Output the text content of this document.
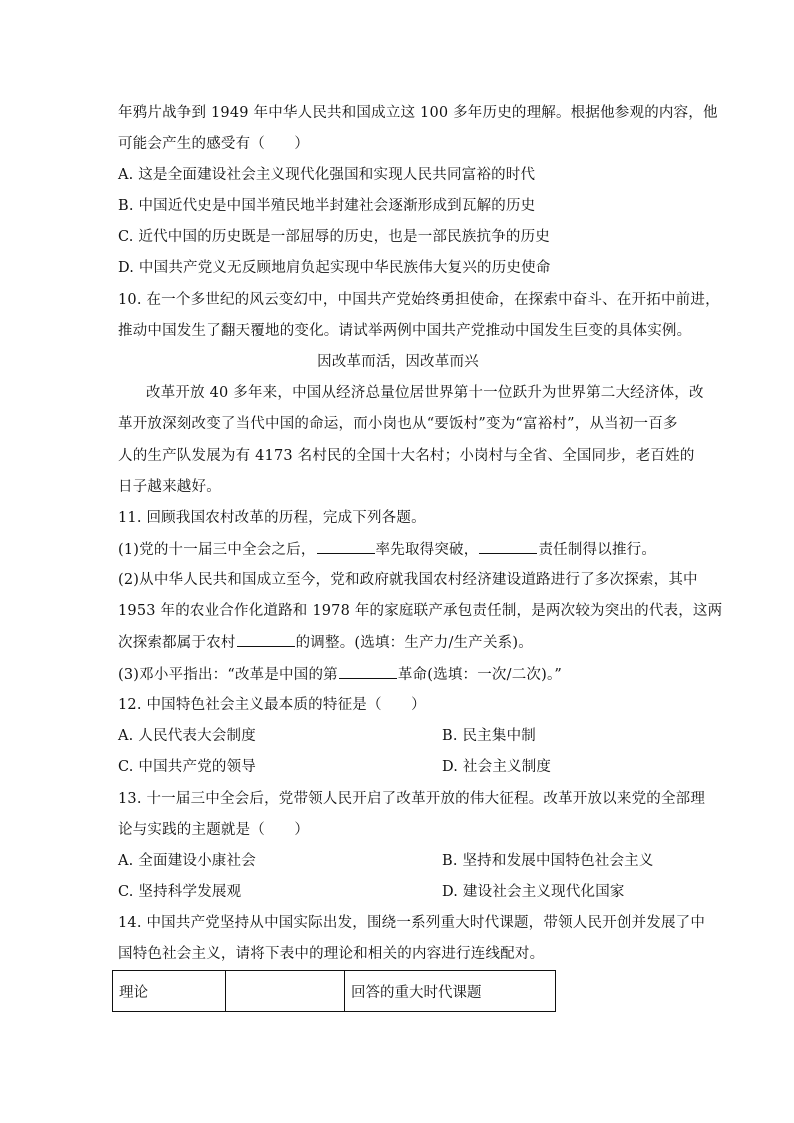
年鸦片战争到 1949 年中华人民共和国成立这 100 多年历史的理解。根据他参观的内容，他
可能会产生的感受有（　　）
A. 这是全面建设社会主义现代化强国和实现人民共同富裕的时代
B. 中国近代史是中国半殖民地半封建社会逐渐形成到瓦解的历史
C. 近代中国的历史既是一部屈辱的历史，也是一部民族抗争的历史
D. 中国共产党义无反顾地肩负起实现中华民族伟大复兴的历史使命
10. 在一个多世纪的风云变幻中，中国共产党始终勇担使命，在探索中奋斗、在开拓中前进，
推动中国发生了翻天覆地的变化。请试举两例中国共产党推动中国发生巨变的具体实例。
因改革而活，因改革而兴
改革开放 40 多年来，中国从经济总量位居世界第十一位跃升为世界第二大经济体，改
革开放深刻改变了当代中国的命运，而小岗也从“要饭村”变为“富裕村”，从当初一百多
人的生产队发展为有 4173 名村民的全国十大名村；小岗村与全省、全国同步，老百姓的
日子越来越好。
11. 回顾我国农村改革的历程，完成下列各题。
(1)党的十一届三中全会之后，	率先取得突破，	责任制得以推行。
(2)从中华人民共和国成立至今，党和政府就我国农村经济建设道路进行了多次探索，其中
1953 年的农业合作化道路和 1978 年的家庭联产承包责任制，是两次较为突出的代表，这两
次探索都属于农村	的调整。(选填：生产力/生产关系)。
(3)邓小平指出：“改革是中国的第	革命(选填：一次/二次)。”
12. 中国特色社会主义最本质的特征是（　　）
A. 人民代表大会制度	B. 民主集中制
C. 中国共产党的领导	D. 社会主义制度
13. 十一届三中全会后，党带领人民开启了改革开放的伟大征程。改革开放以来党的全部理
论与实践的主题就是（　　）
A. 全面建设小康社会	B. 坚持和发展中国特色社会主义
C. 坚持科学发展观	D. 建设社会主义现代化国家
14. 中国共产党坚持从中国实际出发，围绕一系列重大时代课题，带领人民开创并发展了中
国特色社会主义，请将下表中的理论和相关的内容进行连线配对。
理论		回答的重大时代课题
